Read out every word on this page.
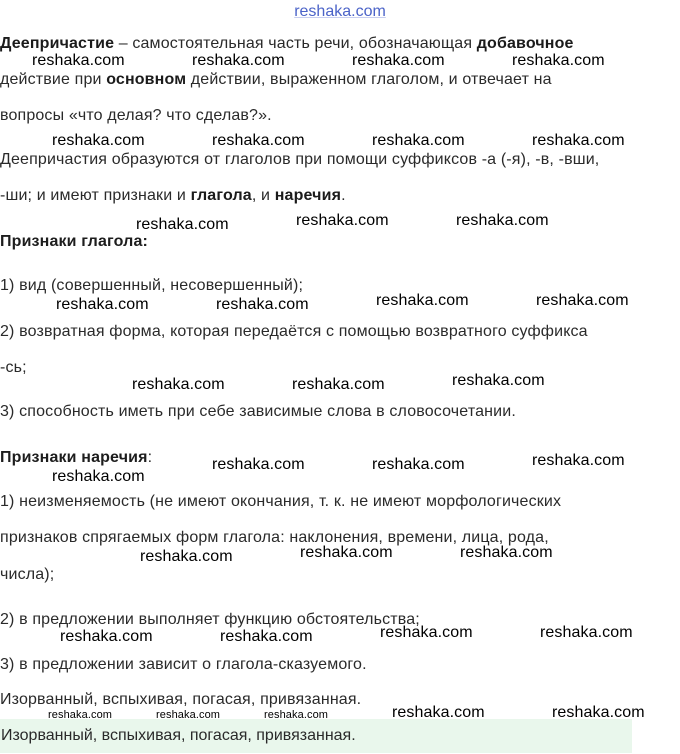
reshaka.com
Деепричастие – самостоятельная часть речи, обозначающая добавочное
действие при основном действии, выраженном глаголом, и отвечает на
вопросы «что делая? что сделав?».
Деепричастия образуются от глаголов при помощи суффиксов -а (-я), -в, -вши,
-ши; и имеют признаки и глагола, и наречия.
Признаки глагола:
1) вид (совершенный, несовершенный);
2) возвратная форма, которая передаётся с помощью возвратного суффикса
-сь;
3) способность иметь при себе зависимые слова в словосочетании.
Признаки наречия:
1) неизменяемость (не имеют окончания, т. к. не имеют морфологических
признаков спрягаемых форм глагола: наклонения, времени, лица, рода,
числа);
2) в предложении выполняет функцию обстоятельства;
3) в предложении зависит о глагола-сказуемого.
Изорванный, вспыхивая, погасая, привязанная.
Изорванный, вспыхивая, погасая, привязанная.
reshaka.com	reshaka.com	reshaka.com	reshaka.com
reshaka.com	reshaka.com	reshaka.com	reshaka.com
reshaka.com	reshaka.com	reshaka.com
reshaka.com	reshaka.com	reshaka.com	reshaka.com
reshaka.com	reshaka.com	reshaka.com
reshaka.com	reshaka.com	reshaka.com
reshaka.com
reshaka.com	reshaka.com	reshaka.com
reshaka.com	reshaka.com	reshaka.com	reshaka.com
reshaka.com	reshaka.com	reshaka.com	reshaka.com	reshaka.com
